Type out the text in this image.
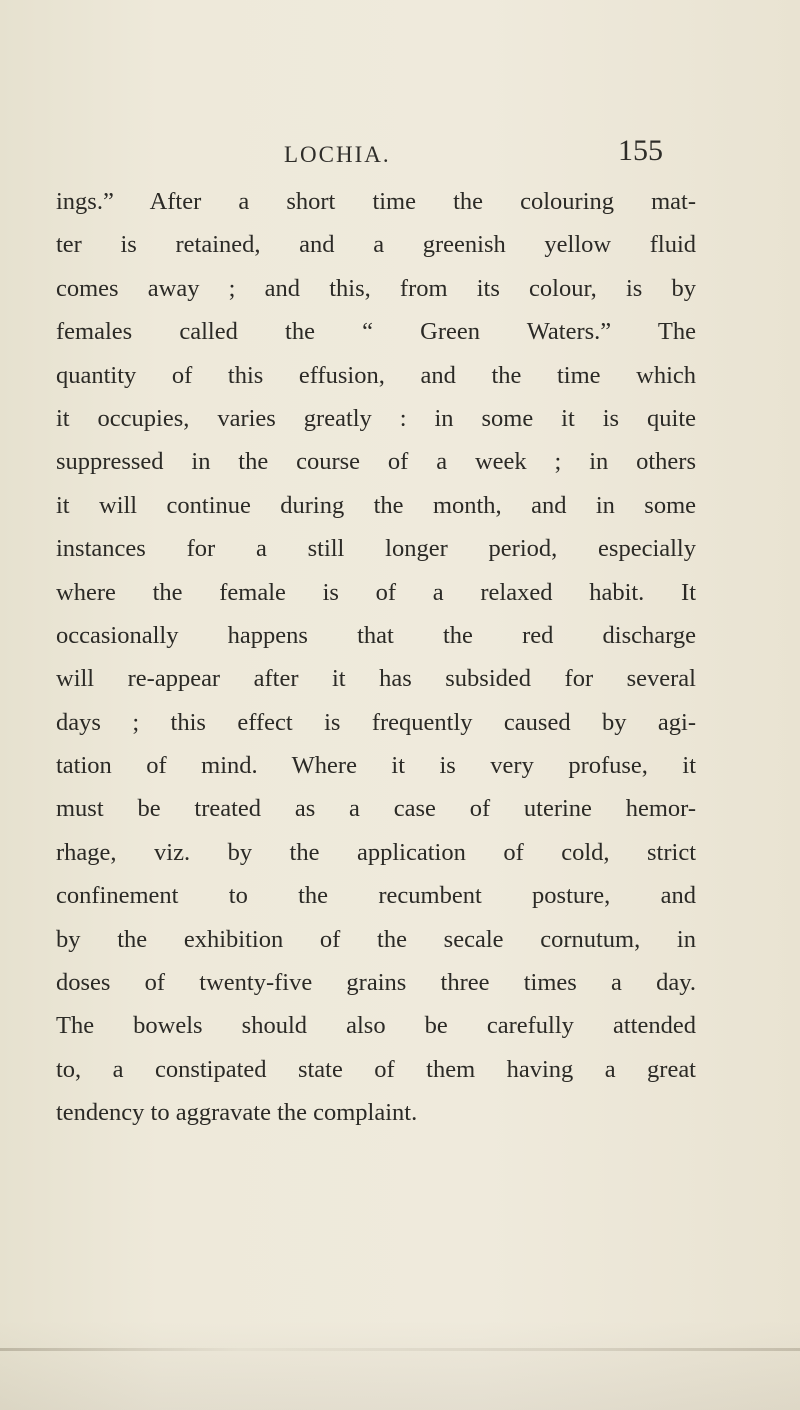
LOCHIA.	155
ings.” After a short time the colouring mat-
ter is retained, and a greenish yellow fluid
comes away ; and this, from its colour, is by
females called the “ Green Waters.” The
quantity of this effusion, and the time which
it occupies, varies greatly : in some it is quite
suppressed in the course of a week ; in others
it will continue during the month, and in some
instances for a still longer period, especially
where the female is of a relaxed habit. It
occasionally happens that the red discharge
will re-appear after it has subsided for several
days ; this effect is frequently caused by agi-
tation of mind. Where it is very profuse, it
must be treated as a case of uterine hemor-
rhage, viz. by the application of cold, strict
confinement to the recumbent posture, and
by the exhibition of the secale cornutum, in
doses of twenty-five grains three times a day.
The bowels should also be carefully attended
to, a constipated state of them having a great
tendency to aggravate the complaint.
